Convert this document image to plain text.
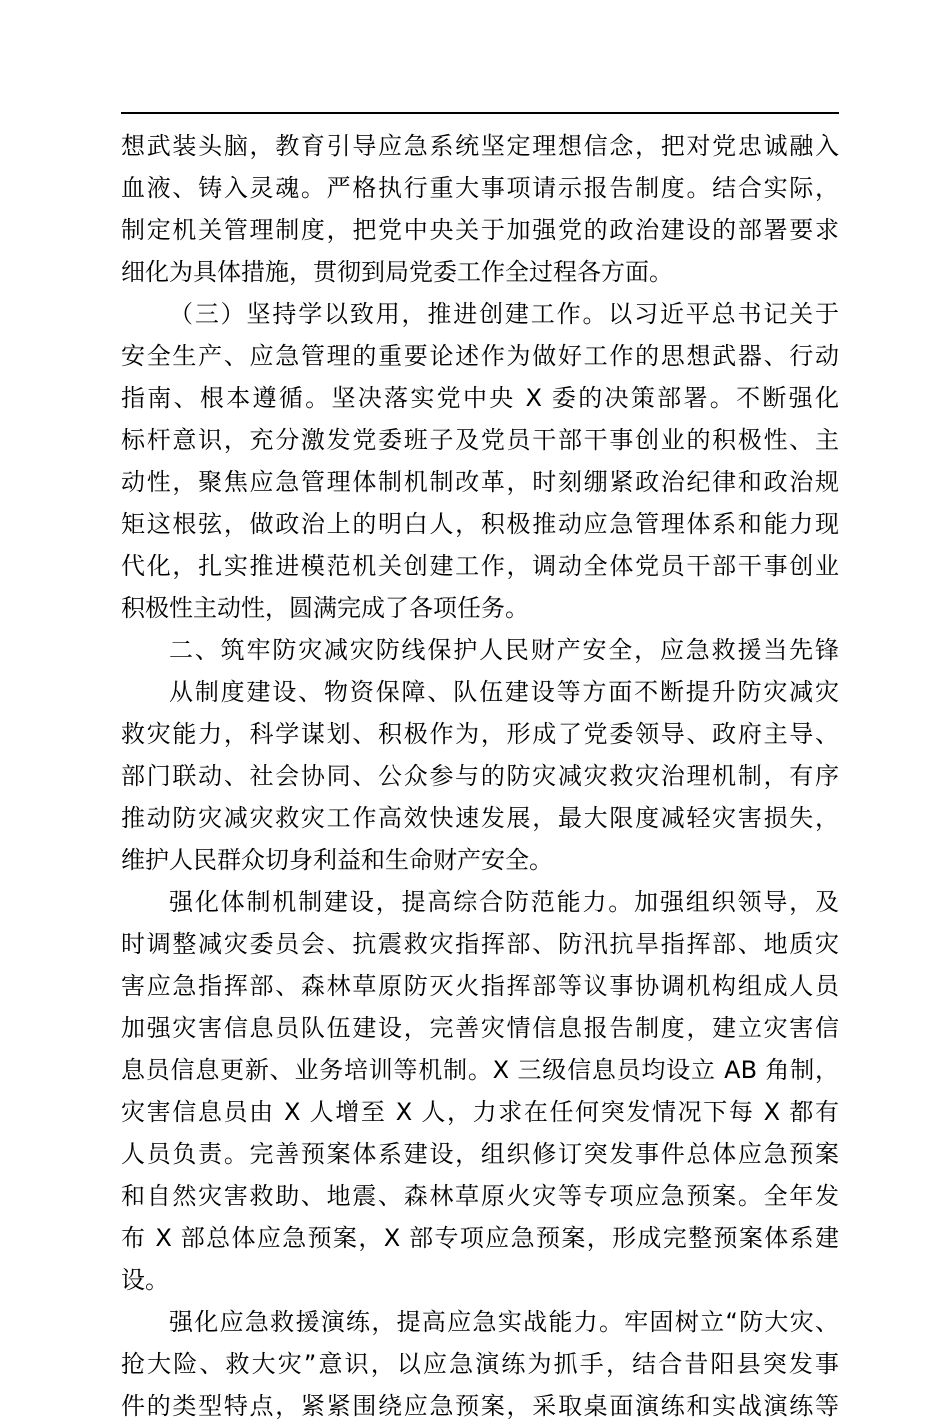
想武装头脑，教育引导应急系统坚定理想信念，把对党忠诚融入
血液、铸入灵魂。严格执行重大事项请示报告制度。结合实际，
制定机关管理制度，把党中央关于加强党的政治建设的部署要求
细化为具体措施，贯彻到局党委工作全过程各方面。
（三）坚持学以致用，推进创建工作。以习近平总书记关于
安全生产、应急管理的重要论述作为做好工作的思想武器、行动
指南、根本遵循。坚决落实党中央 X 委的决策部署。不断强化
标杆意识，充分激发党委班子及党员干部干事创业的积极性、主
动性，聚焦应急管理体制机制改革，时刻绷紧政治纪律和政治规
矩这根弦，做政治上的明白人，积极推动应急管理体系和能力现
代化，扎实推进模范机关创建工作，调动全体党员干部干事创业
积极性主动性，圆满完成了各项任务。
二、筑牢防灾减灾防线保护人民财产安全，应急救援当先锋
从制度建设、物资保障、队伍建设等方面不断提升防灾减灾
救灾能力，科学谋划、积极作为，形成了党委领导、政府主导、
部门联动、社会协同、公众参与的防灾减灾救灾治理机制，有序
推动防灾减灾救灾工作高效快速发展，最大限度减轻灾害损失，
维护人民群众切身利益和生命财产安全。
强化体制机制建设，提高综合防范能力。加强组织领导，及
时调整减灾委员会、抗震救灾指挥部、防汛抗旱指挥部、地质灾
害应急指挥部、森林草原防灭火指挥部等议事协调机构组成人员
加强灾害信息员队伍建设，完善灾情信息报告制度，建立灾害信
息员信息更新、业务培训等机制。X 三级信息员均设立 AB 角制，
灾害信息员由 X 人增至 X 人，力求在任何突发情况下每 X 都有
人员负责。完善预案体系建设，组织修订突发事件总体应急预案
和自然灾害救助、地震、森林草原火灾等专项应急预案。全年发
布 X 部总体应急预案，X 部专项应急预案，形成完整预案体系建
设。
强化应急救援演练，提高应急实战能力。牢固树立“防大灾、
抢大险、救大灾”意识，以应急演练为抓手，结合昔阳县突发事
件的类型特点，紧紧围绕应急预案，采取桌面演练和实战演练等
